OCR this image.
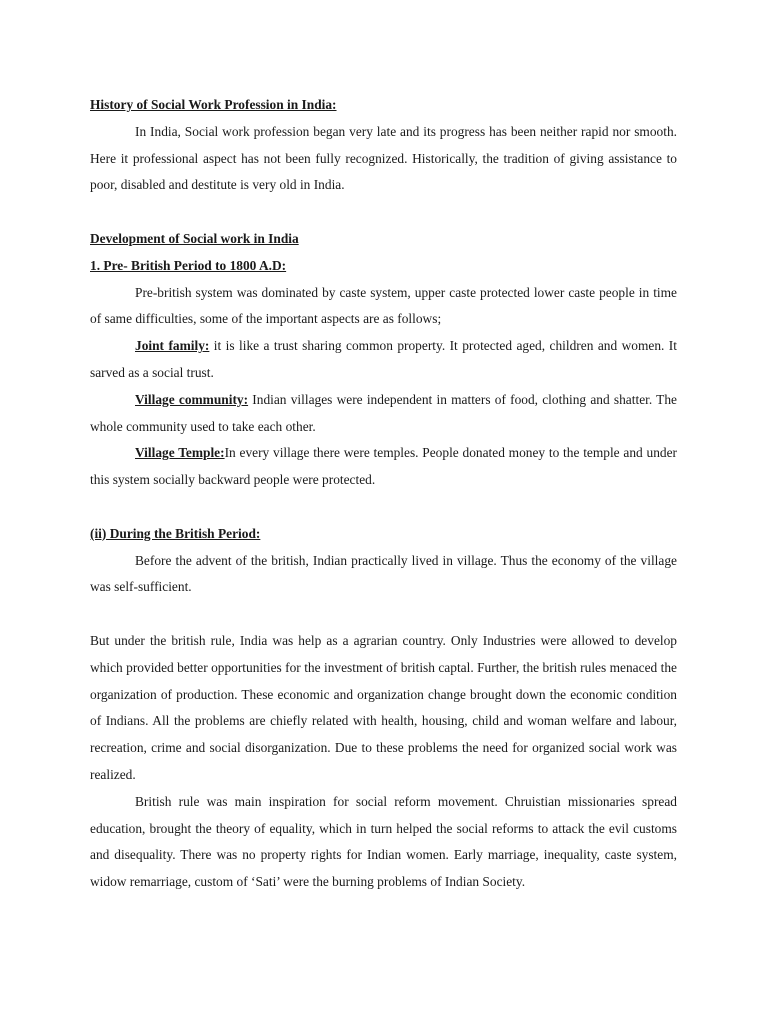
History of Social Work Profession in India:

In India, Social work profession began very late and its progress has been neither rapid nor smooth. Here it professional aspect has not been fully recognized. Historically, the tradition of giving assistance to poor, disabled and destitute is very old in India.

Development of Social work in India
1. Pre- British Period to 1800 A.D:

Pre-british system was dominated by caste system, upper caste protected lower caste people in time of same difficulties, some of the important aspects are as follows;

Joint family: it is like a trust sharing common property. It protected aged, children and women. It sarved as a social trust.

Village community: Indian villages were independent in matters of food, clothing and shatter. The whole community used to take each other.

Village Temple:In every village there were temples. People donated money to the temple and under this system socially backward people were protected.

(ii) During the British Period:

Before the advent of the british, Indian practically lived in village. Thus the economy of the village was self-sufficient.

But under the british rule, India was help as a agrarian country. Only Industries were allowed to develop which provided better opportunities for the investment of british captal. Further, the british rules menaced the organization of production. These economic and organization change brought down the economic condition of Indians. All the problems are chiefly related with health, housing, child and woman welfare and labour, recreation, crime and social disorganization. Due to these problems the need for organized social work was realized.

British rule was main inspiration for social reform movement. Chruistian missionaries spread education, brought the theory of equality, which in turn helped the social reforms to attack the evil customs and disequality. There was no property rights for Indian women. Early marriage, inequality, caste system, widow remarriage, custom of ‘Sati’ were the burning problems of Indian Society.
